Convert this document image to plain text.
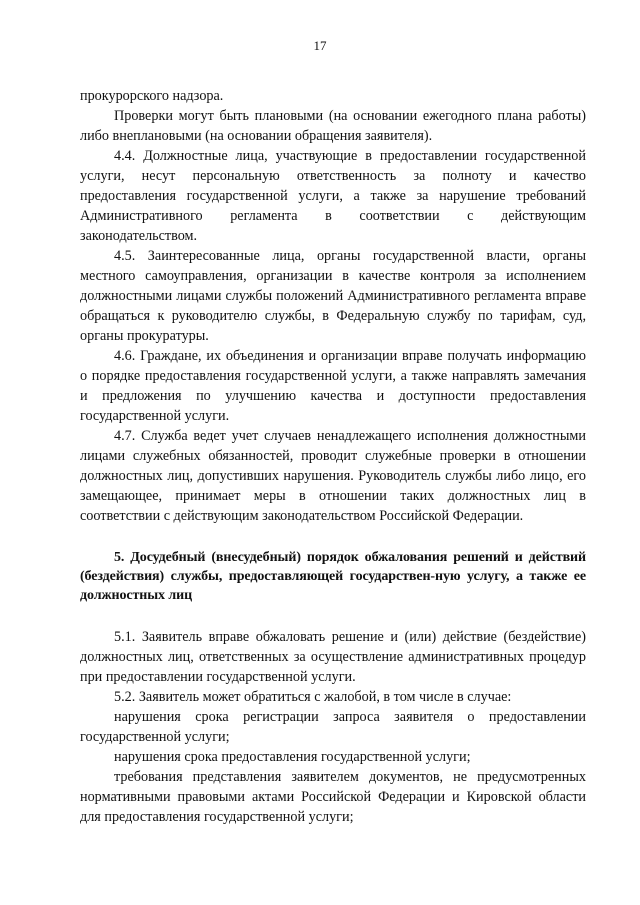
17

прокурорского надзора.

Проверки могут быть плановыми (на основании ежегодного плана работы) либо внеплановыми (на основании обращения заявителя).

4.4. Должностные лица, участвующие в предоставлении государственной услуги, несут персональную ответственность за полноту и качество предоставления государственной услуги, а также за нарушение требований Административного регламента в соответствии с действующим законодательством.

4.5. Заинтересованные лица, органы государственной власти, органы местного самоуправления, организации в качестве контроля за исполнением должностными лицами службы положений Административного регламента вправе обращаться к руководителю службы, в Федеральную службу по тарифам, суд, органы прокуратуры.

4.6. Граждане, их объединения и организации вправе получать информацию о порядке предоставления государственной услуги, а также направлять замечания и предложения по улучшению качества и доступности предоставления государственной услуги.

4.7. Служба ведет учет случаев ненадлежащего исполнения должностными лицами служебных обязанностей, проводит служебные проверки в отношении должностных лиц, допустивших нарушения. Руководитель службы либо лицо, его замещающее, принимает меры в отношении таких должностных лиц в соответствии с действующим законодательством Российской Федерации.

5. Досудебный (внесудебный) порядок обжалования решений и действий (бездействия) службы, предоставляющей государствен-ную услугу, а также ее должностных лиц

5.1. Заявитель вправе обжаловать решение и (или) действие (бездействие) должностных лиц, ответственных за осуществление административных процедур при предоставлении государственной услуги.

5.2. Заявитель может обратиться с жалобой, в том числе в случае:

нарушения срока регистрации запроса заявителя о предоставлении государственной услуги;

нарушения срока предоставления государственной услуги;

требования представления заявителем документов, не предусмотренных нормативными правовыми актами Российской Федерации и Кировской области для предоставления государственной услуги;
